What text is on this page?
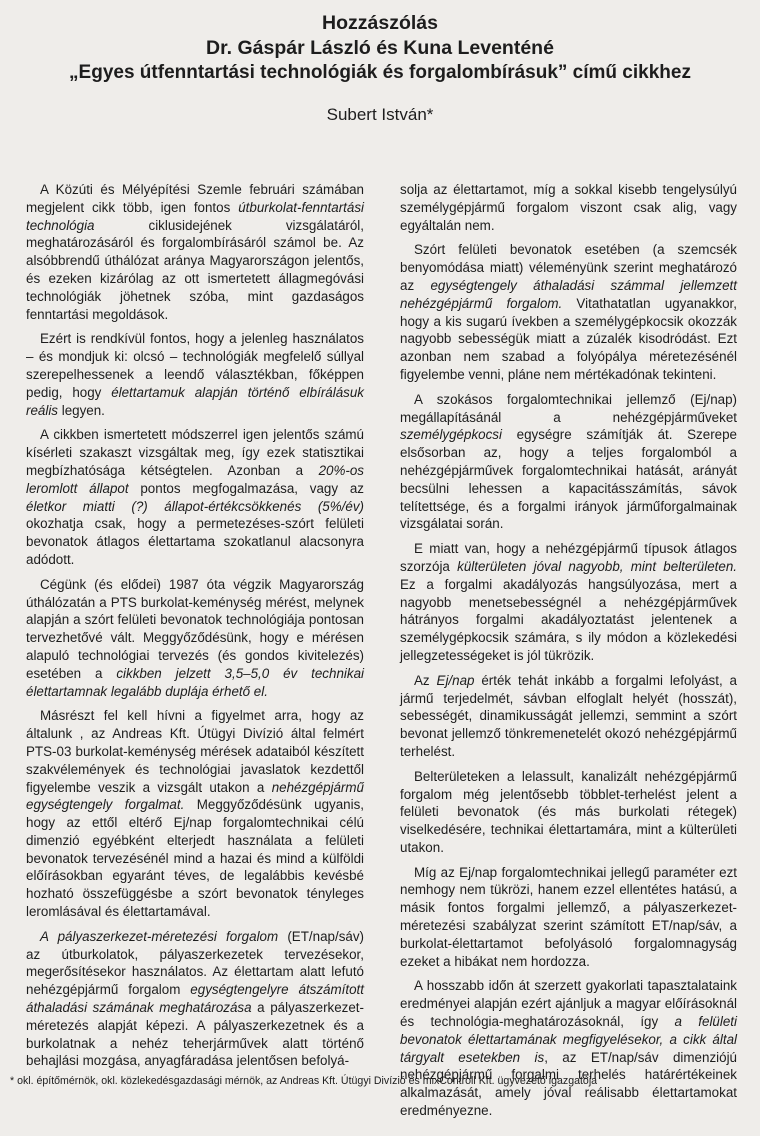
Hozzászólás
Dr. Gáspár László és Kuna Leventéné
„Egyes útfenntartási technológiák és forgalombírásuk” című cikkhez
Subert István*

A Közúti és Mélyépítési Szemle februári számában megjelent cikk több, igen fontos útburkolat-fenntartási technológia ciklusidejének vizsgálatáról, meghatározásáról és forgalombírásáról számol be. Az alsóbbrendű úthálózat aránya Magyarországon jelentős, és ezeken kizárólag az ott ismertetett állagmegóvási technológiák jöhetnek szóba, mint gazdaságos fenntartási megoldások.

Ezért is rendkívül fontos, hogy a jelenleg használatos – és mondjuk ki: olcsó – technológiák megfelelő súllyal szerepelhessenek a leendő választékban, főképpen pedig, hogy élettartamuk alapján történő elbírálásuk reális legyen.

A cikkben ismertetett módszerrel igen jelentős számú kísérleti szakaszt vizsgáltak meg, így ezek statisztikai megbízhatósága kétségtelen. Azonban a 20%-os leromlott állapot pontos megfogalmazása, vagy az életkor miatti (?) állapot-értékcsökkenés (5%/év) okozhatja csak, hogy a permetezéses-szórt felületi bevonatok átlagos élettartama szokatlanul alacsonyra adódott.

Cégünk (és elődei) 1987 óta végzik Magyarország úthálózatán a PTS burkolat-keménység mérést, melynek alapján a szórt felületi bevonatok technológiája pontosan tervezhetővé vált. Meggyőződésünk, hogy e mérésen alapuló technológiai tervezés (és gondos kivitelezés) esetében a cikkben jelzett 3,5–5,0 év technikai élettartamnak legalább duplája érhető el.

Másrészt fel kell hívni a figyelmet arra, hogy az általunk , az Andreas Kft. Útügyi Divízió által felmért PTS-03 burkolat-keménység mérések adataiból készített szakvélemények és technológiai javaslatok kezdettől figyelembe veszik a vizsgált utakon a nehézgépjármű egységtengely forgalmat. Meggyőződésünk ugyanis, hogy az ettől eltérő Ej/nap forgalomtechnikai célú dimenzió egyébként elterjedt használata a felületi bevonatok tervezésénél mind a hazai és mind a külföldi előírásokban egyaránt téves, de legalábbis kevésbé hozható összefüggésbe a szórt bevonatok tényleges leromlásával és élettartamával.

A pályaszerkezet-méretezési forgalom (ET/nap/sáv) az útburkolatok, pályaszerkezetek tervezésekor, megerősítésekor használatos. Az élettartam alatt lefutó nehézgépjármű forgalom egységtengelyre átszámított áthaladási számának meghatározása a pályaszerkezet-méretezés alapját képezi. A pályaszerkezetnek és a burkolatnak a nehéz teherjárművek alatt történő behajlási mozgása, anyagfáradása jelentősen befolyá-

solja az élettartamot, míg a sokkal kisebb tengelysúlyú személygépjármű forgalom viszont csak alig, vagy egyáltalán nem.

Szórt felületi bevonatok esetében (a szemcsék benyomódása miatt) véleményünk szerint meghatározó az egységtengely áthaladási számmal jellemzett nehézgépjármű forgalom. Vitathatatlan ugyanakkor, hogy a kis sugarú ívekben a személygépkocsik okozzák nagyobb sebességük miatt a zúzalék kisodródást. Ezt azonban nem szabad a folyópálya méretezésénél figyelembe venni, pláne nem mértékadónak tekinteni.

A szokásos forgalomtechnikai jellemző (Ej/nap) megállapításánál a nehézgépjárműveket személygépkocsi egységre számítják át. Szerepe elsősorban az, hogy a teljes forgalomból a nehézgépjárművek forgalomtechnikai hatását, arányát becsülni lehessen a kapacitásszámítás, sávok telítettsége, és a forgalmi irányok járműforgalmainak vizsgálatai során.

E miatt van, hogy a nehézgépjármű típusok átlagos szorzója külterületen jóval nagyobb, mint belterületen. Ez a forgalmi akadályozás hangsúlyozása, mert a nagyobb menetsebességnél a nehézgépjárművek hátrányos forgalmi akadályoztatást jelentenek a személygépkocsik számára, s ily módon a közlekedési jellegzetességeket is jól tükrözik.

Az Ej/nap érték tehát inkább a forgalmi lefolyást, a jármű terjedelmét, sávban elfoglalt helyét (hosszát), sebességét, dinamikusságát jellemzi, semmint a szórt bevonat jellemző tönkremenetelét okozó nehézgépjármű terhelést.

Belterületeken a lelassult, kanalizált nehézgépjármű forgalom még jelentősebb többlet-terhelést jelent a felületi bevonatok (és más burkolati rétegek) viselkedésére, technikai élettartamára, mint a külterületi utakon.

Míg az Ej/nap forgalomtechnikai jellegű paraméter ezt nemhogy nem tükrözi, hanem ezzel ellentétes hatású, a másik fontos forgalmi jellemző, a pályaszerkezet-méretezési szabályzat szerint számított ET/nap/sáv, a burkolat-élettartamot befolyásoló forgalomnagyság ezeket a hibákat nem hordozza.

A hosszabb időn át szerzett gyakorlati tapasztalataink eredményei alapján ezért ajánljuk a magyar előírásoknál és technológia-meghatározásoknál, így a felületi bevonatok élettartamának megfigyelésekor, a cikk által tárgyalt esetekben is, az ET/nap/sáv dimenziójú nehézgépjármű forgalmi terhelés határértékeinek alkalmazását, amely jóval reálisabb élettartamokat eredményezne.

* okl. építőmérnök, okl. közlekedésgazdasági mérnök, az Andreas Kft. Útügyi Divízió és mixControll Kft. ügyvezető igazgatója
